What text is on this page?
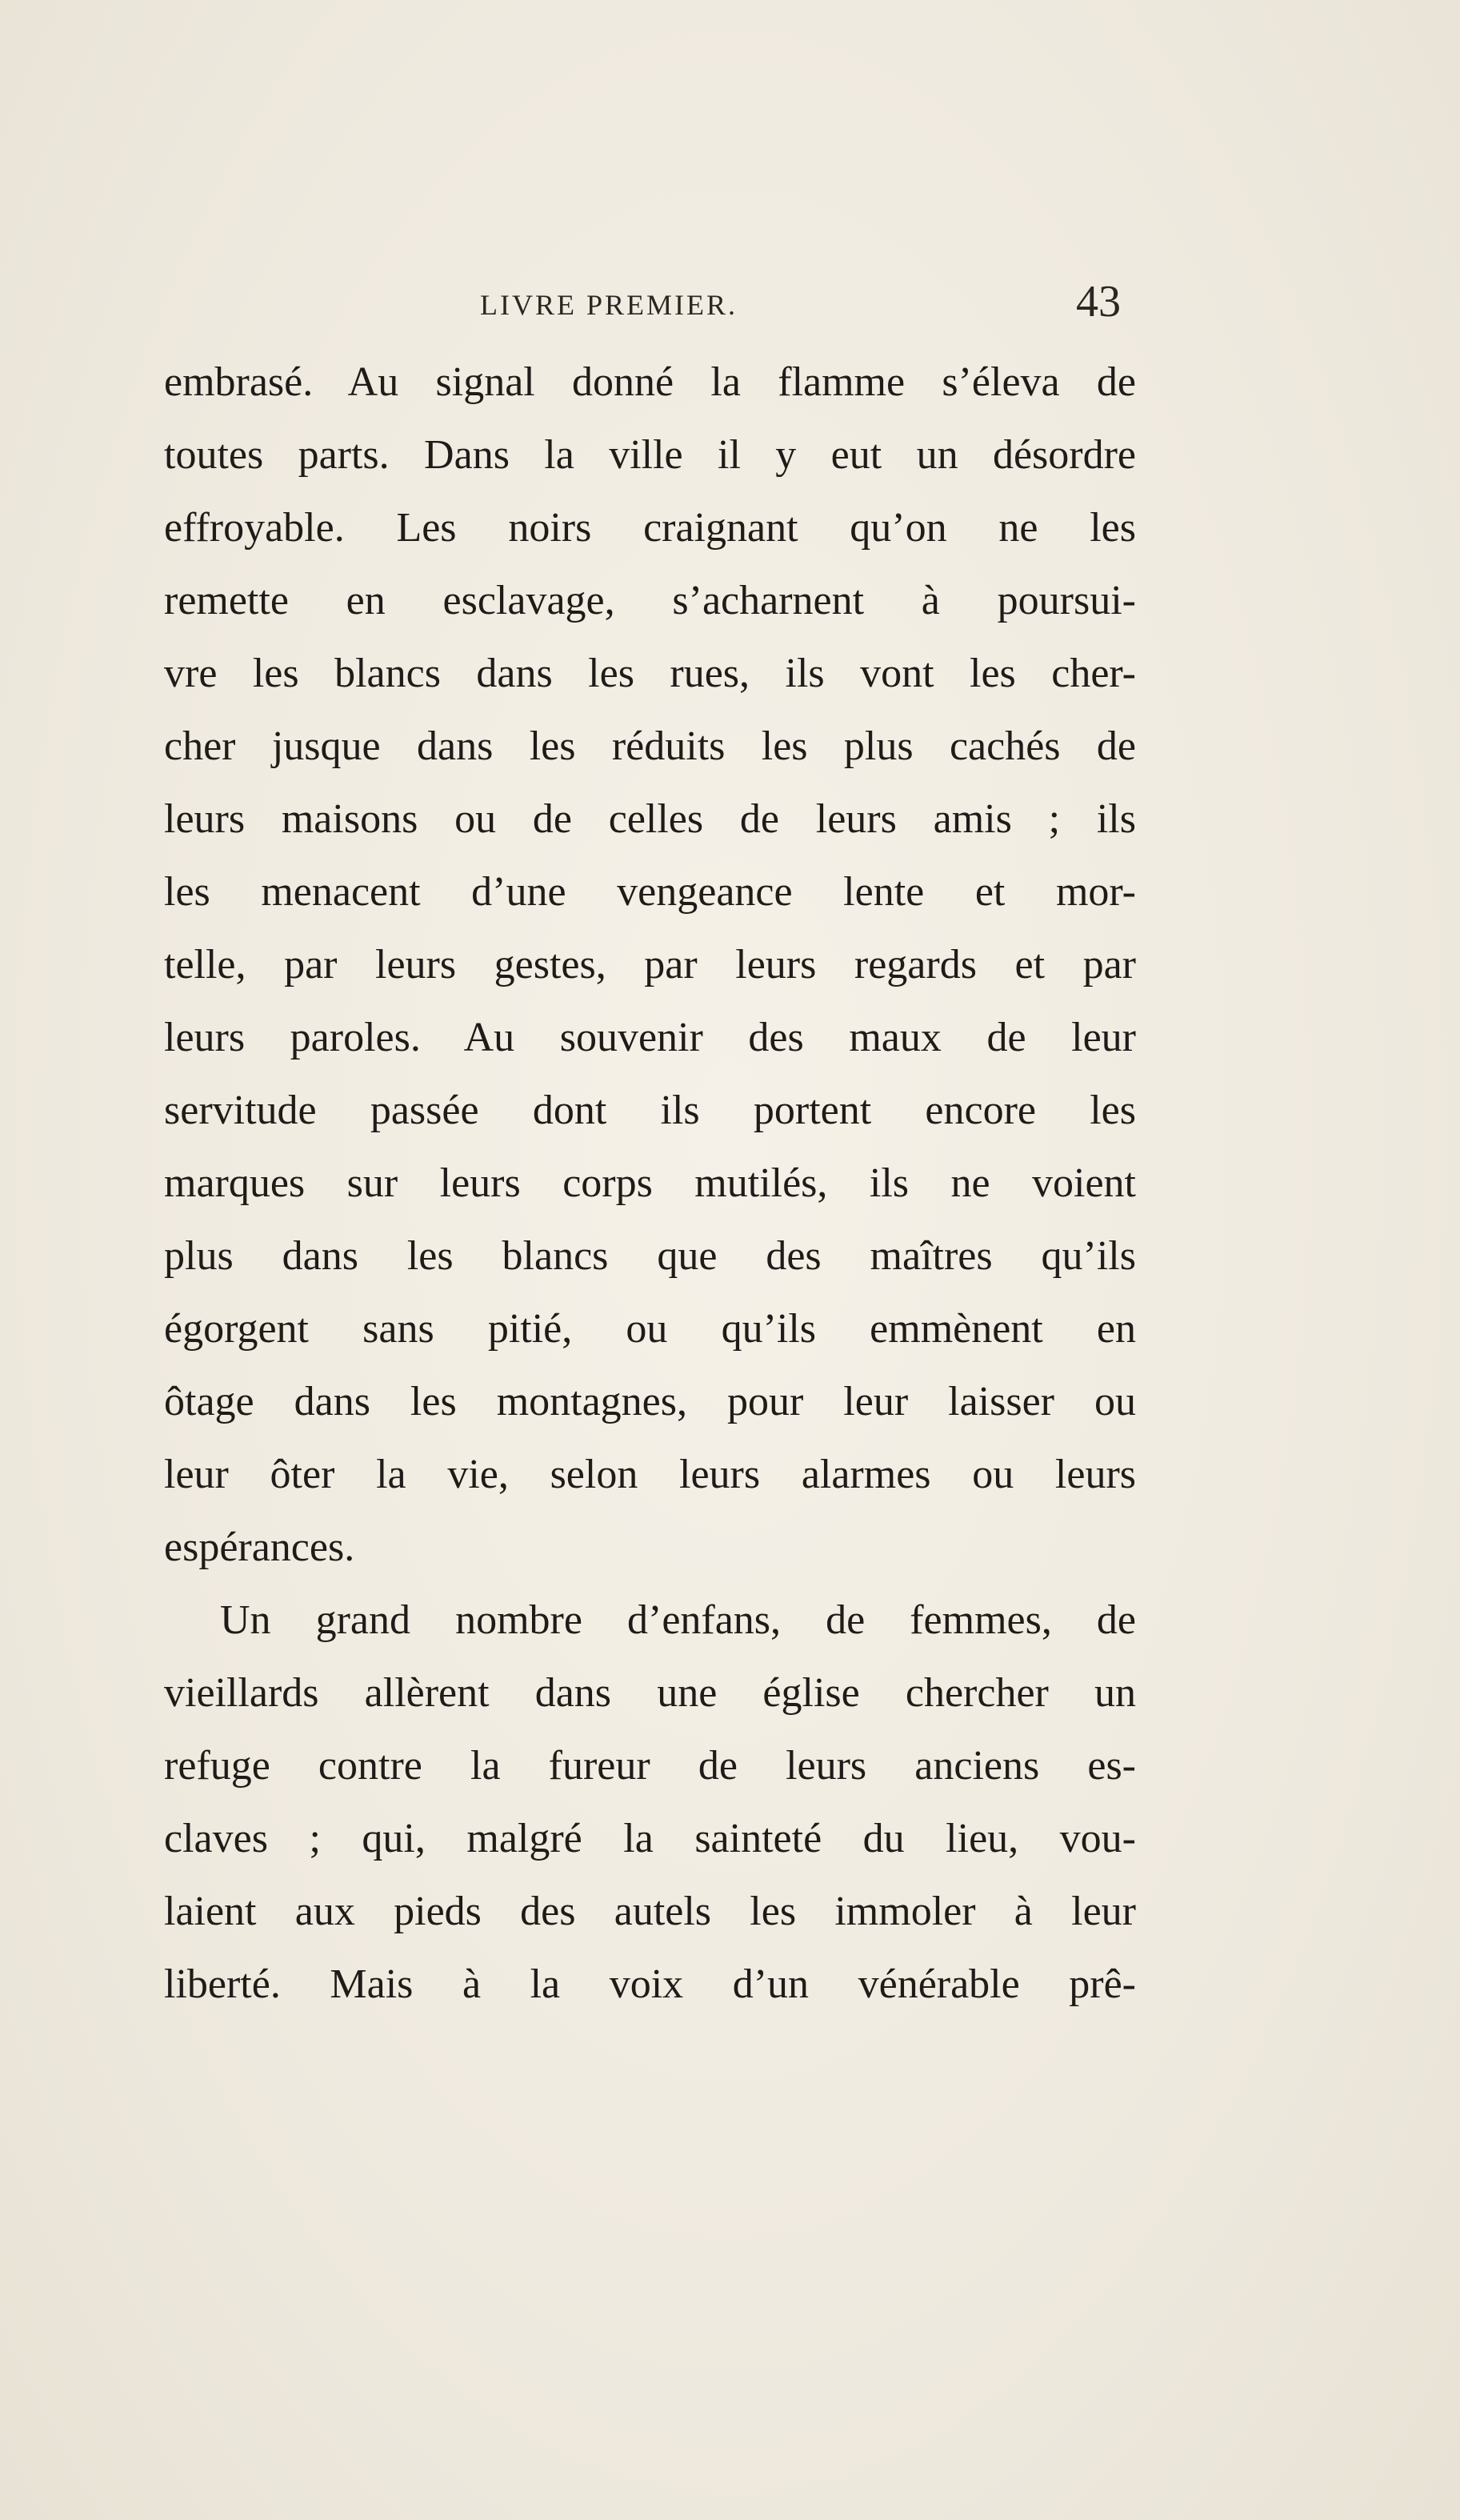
LIVRE PREMIER.	43
embrasé. Au signal donné la flamme s’éleva de
toutes parts. Dans la ville il y eut un désordre
effroyable. Les noirs craignant qu’on ne les
remette en esclavage, s’acharnent à poursui-
vre les blancs dans les rues, ils vont les cher-
cher jusque dans les réduits les plus cachés de
leurs maisons ou de celles de leurs amis ; ils
les menacent d’une vengeance lente et mor-
telle, par leurs gestes, par leurs regards et par
leurs paroles. Au souvenir des maux de leur
servitude passée dont ils portent encore les
marques sur leurs corps mutilés, ils ne voient
plus dans les blancs que des maîtres qu’ils
égorgent sans pitié, ou qu’ils emmènent en
ôtage dans les montagnes, pour leur laisser ou
leur ôter la vie, selon leurs alarmes ou leurs
espérances.
Un grand nombre d’enfans, de femmes, de
vieillards allèrent dans une église chercher un
refuge contre la fureur de leurs anciens es-
claves ; qui, malgré la sainteté du lieu, vou-
laient aux pieds des autels les immoler à leur
liberté. Mais à la voix d’un vénérable prê-
